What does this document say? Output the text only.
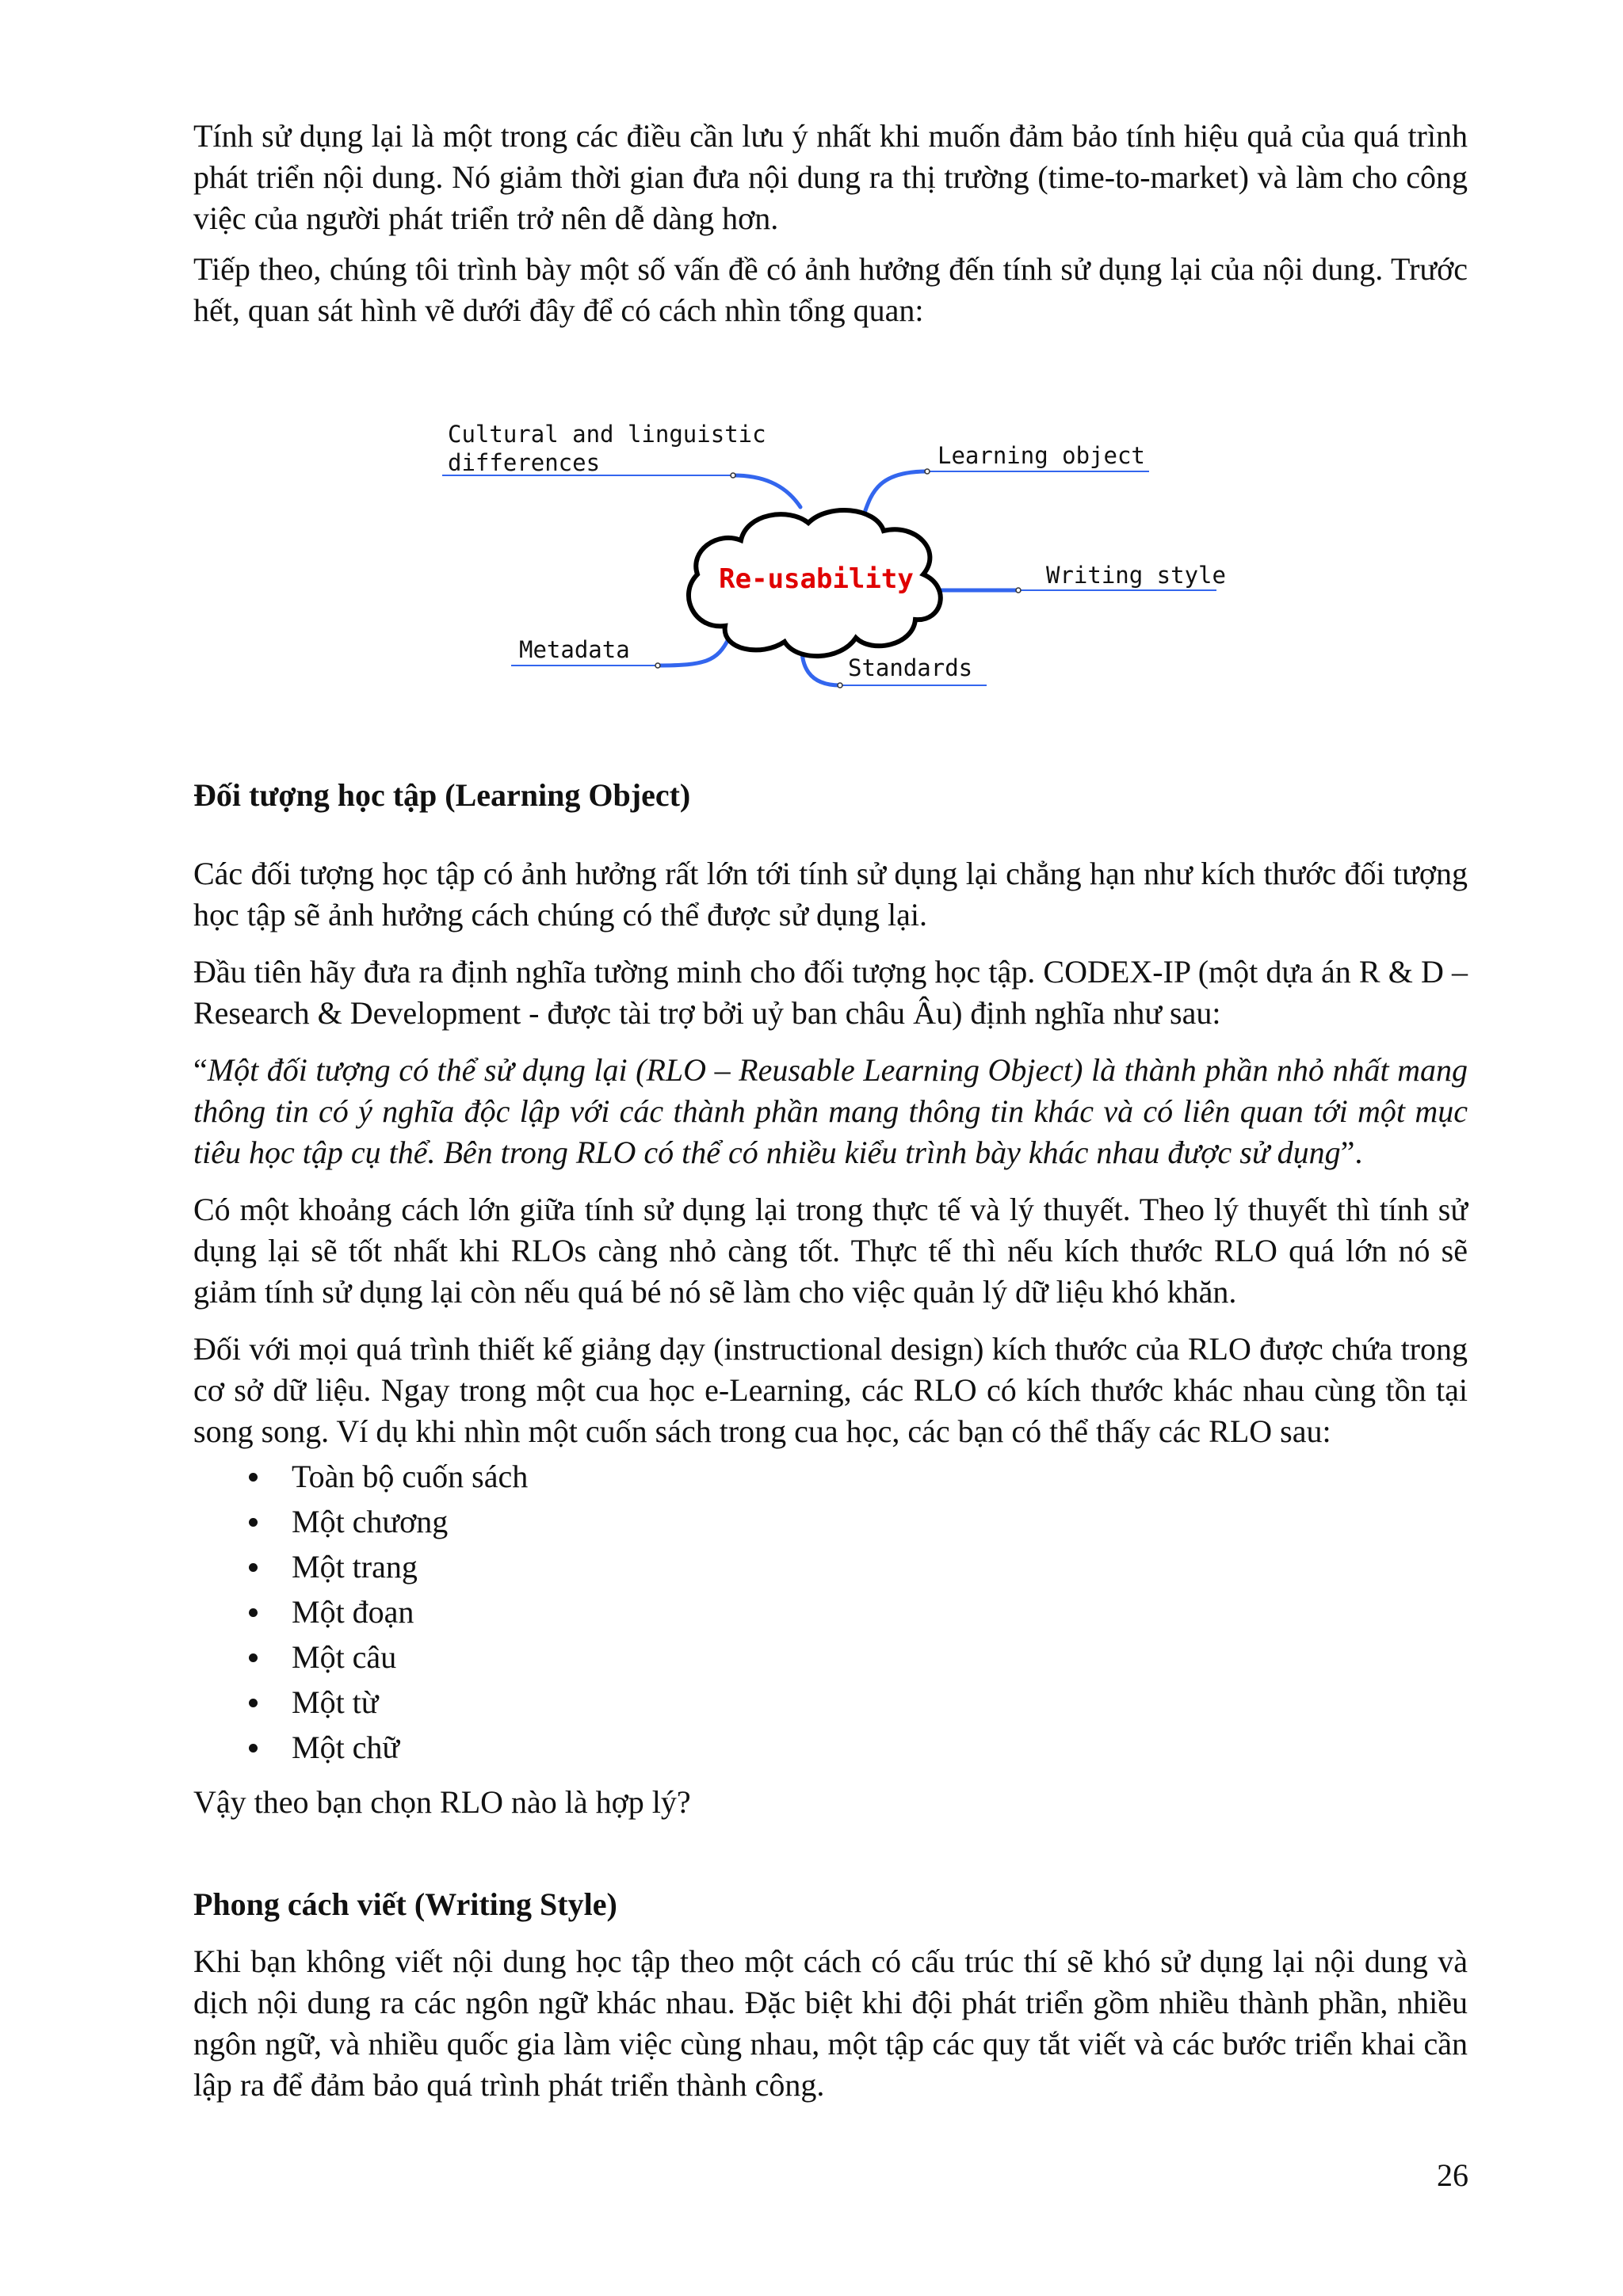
Tính sử dụng lại là một trong các điều cần lưu ý nhất khi muốn đảm bảo tính hiệu quả của quá trình phát triển nội dung. Nó giảm thời gian đưa nội dung ra thị trường (time-to-market) và làm cho công việc của người phát triển trở nên dễ dàng hơn.

Tiếp theo, chúng tôi trình bày một số vấn đề có ảnh hưởng đến tính sử dụng lại của nội dung. Trước hết, quan sát hình vẽ dưới đây để có cách nhìn tổng quan:

Re-usability
Cultural and linguistic
differences	Learning object
Writing style
Metadata
Standards

Đối tượng học tập (Learning Object)

Các đối tượng học tập có ảnh hưởng rất lớn tới tính sử dụng lại chẳng hạn như kích thước đối tượng học tập sẽ ảnh hưởng cách chúng có thể được sử dụng lại.

Đầu tiên hãy đưa ra định nghĩa tường minh cho đối tượng học tập. CODEX-IP (một dựa án R & D – Research & Development - được tài trợ bởi uỷ ban châu Âu) định nghĩa như sau:

“Một đối tượng có thể sử dụng lại (RLO – Reusable Learning Object) là thành phần nhỏ nhất mang thông tin có ý nghĩa độc lập với các thành phần mang thông tin khác và có liên quan tới một mục tiêu học tập cụ thể. Bên trong RLO có thể có nhiều kiểu trình bày khác nhau được sử dụng”.

Có một khoảng cách lớn giữa tính sử dụng lại trong thực tế và lý thuyết. Theo lý thuyết thì tính sử dụng lại sẽ tốt nhất khi RLOs càng nhỏ càng tốt. Thực tế thì nếu kích thước RLO quá lớn nó sẽ giảm tính sử dụng lại còn nếu quá bé nó sẽ làm cho việc quản lý dữ liệu khó khăn.

Đối với mọi quá trình thiết kế giảng dạy (instructional design) kích thước của RLO được chứa trong cơ sở dữ liệu. Ngay trong một cua học e-Learning, các RLO có kích thước khác nhau cùng tồn tại song song. Ví dụ khi nhìn một cuốn sách trong cua học, các bạn có thể thấy các RLO sau:

Toàn bộ cuốn sách
Một chương
Một trang
Một đoạn
Một câu
Một từ
Một chữ

Vậy theo bạn chọn RLO nào là hợp lý?

Phong cách viết (Writing Style)

Khi bạn không viết nội dung học tập theo một cách có cấu trúc thí sẽ khó sử dụng lại nội dung và dịch nội dung ra các ngôn ngữ khác nhau. Đặc biệt khi đội phát triển gồm nhiều thành phần, nhiều ngôn ngữ, và nhiều quốc gia làm việc cùng nhau, một tập các quy tắt viết và các bước triển khai cần lập ra để đảm bảo quá trình phát triển thành công.

26
